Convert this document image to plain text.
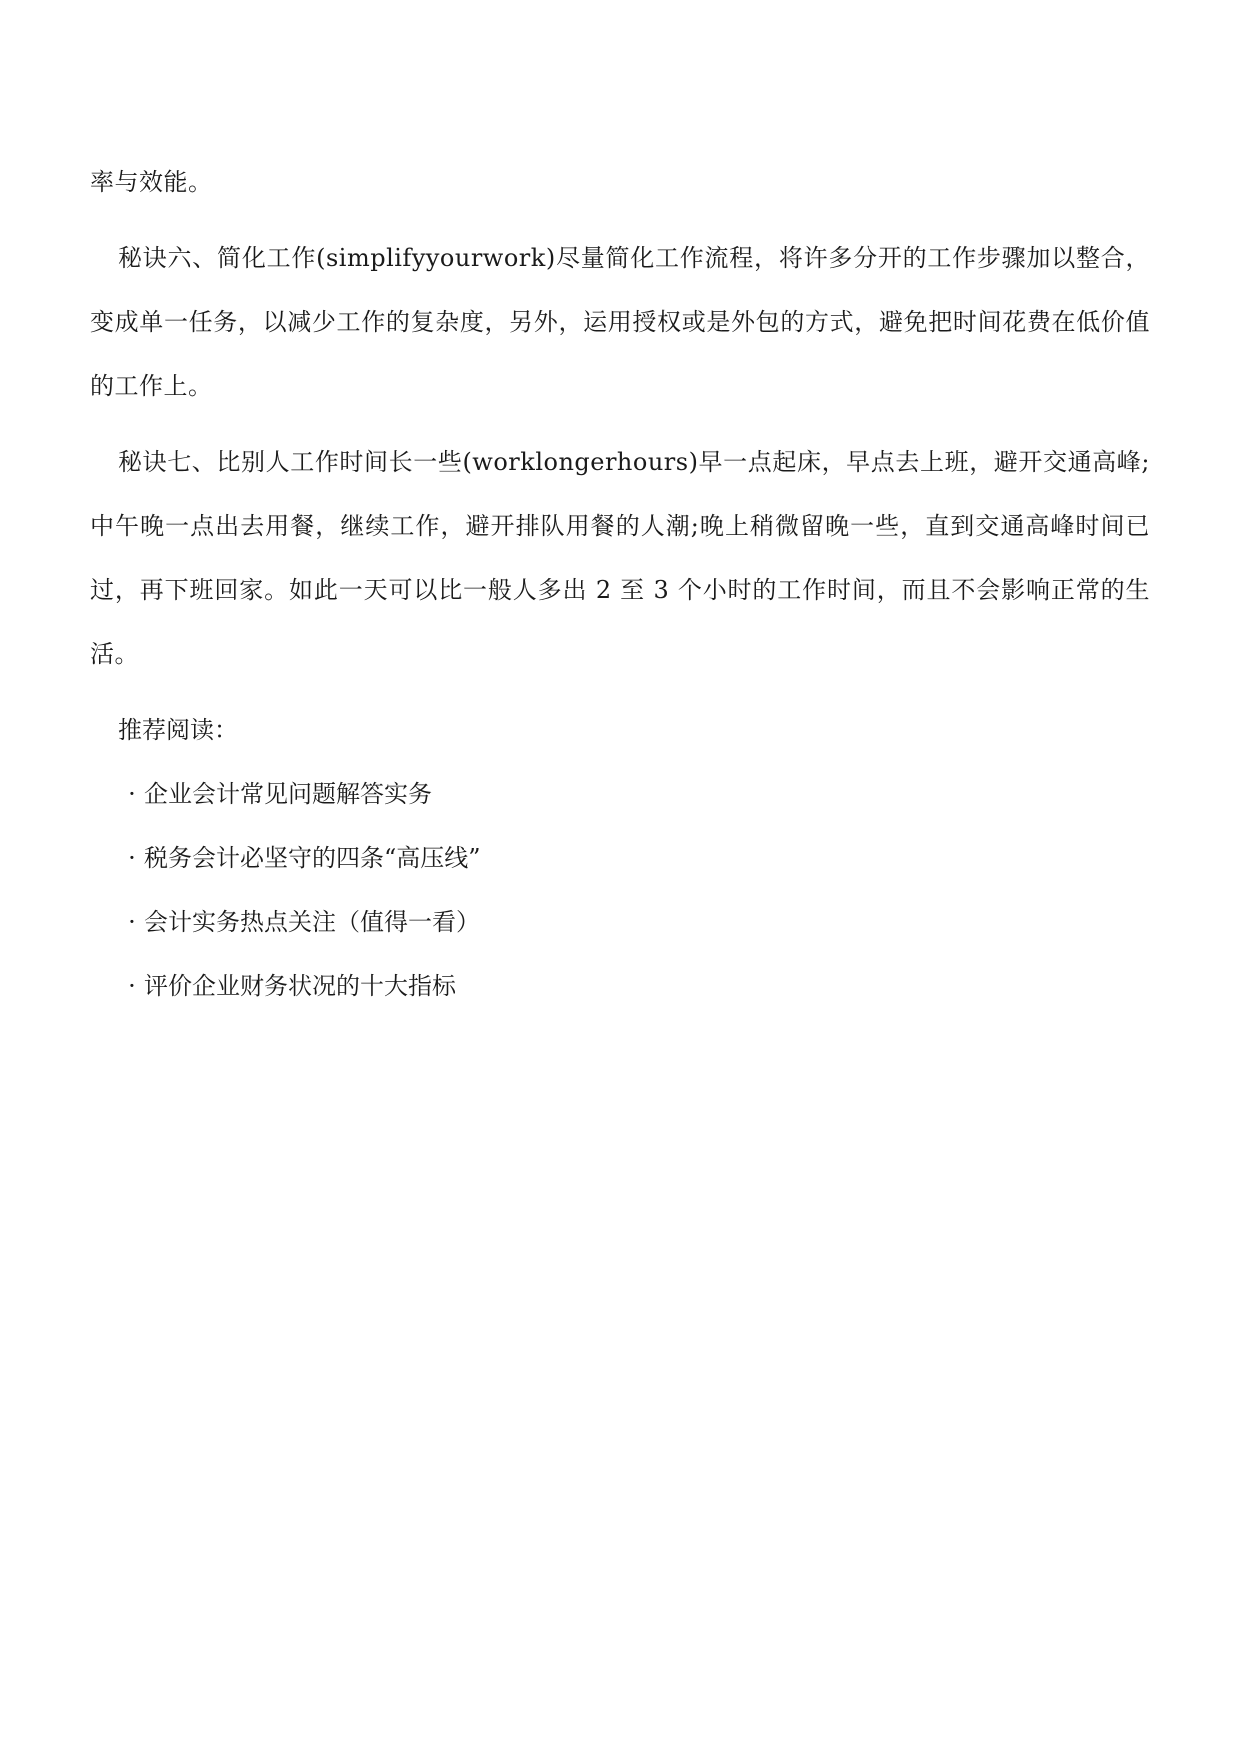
率与效能。

秘诀六、简化工作(simplifyyourwork)尽量简化工作流程，将许多分开的工作步骤加以整合，变成单一任务，以减少工作的复杂度，另外，运用授权或是外包的方式，避免把时间花费在低价值的工作上。

秘诀七、比别人工作时间长一些(worklongerhours)早一点起床，早点去上班，避开交通高峰;中午晚一点出去用餐，继续工作，避开排队用餐的人潮;晚上稍微留晚一些，直到交通高峰时间已过，再下班回家。如此一天可以比一般人多出 2 至 3 个小时的工作时间，而且不会影响正常的生活。

推荐阅读：

· 企业会计常见问题解答实务
· 税务会计必坚守的四条“高压线”
· 会计实务热点关注（值得一看）
· 评价企业财务状况的十大指标
